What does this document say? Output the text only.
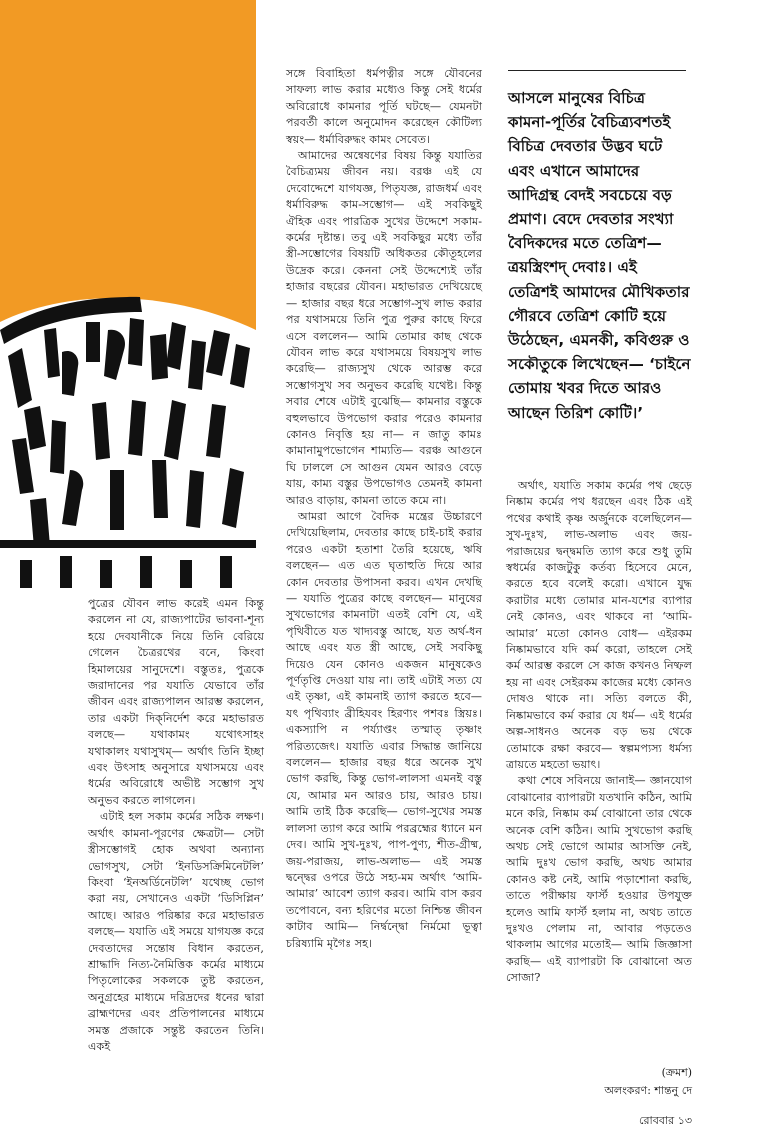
পুত্রের যৌবন লাভ করেই এমন কিন্তু করলেন না যে, রাজ্যপাটের ভাবনা-শূন্য হয়ে দেবযানীকে নিয়ে তিনি বেরিয়ে গেলেন চৈত্ররথের বনে, কিংবা হিমালয়ের সানুদেশে। বস্তুতঃ, পুত্রকে জরাদানের পর যযাতি যেভাবে তাঁর জীবন এবং রাজ্যপালন আরম্ভ করলেন, তার একটা দিক্‌নির্দেশ করে মহাভারত বলছে— যথাকামং যথোৎসাহং যথাকালং যথাসুখম্— অর্থাৎ তিনি ইচ্ছা এবং উৎসাহ অনুসারে যথাসময়ে এবং ধর্মের অবিরোধে অভীষ্ট সম্ভোগ সুখ অনুভব করতে লাগলেন।

এটাই হল সকাম কর্মের সঠিক লক্ষণ। অর্থাৎ কামনা-পূরণের ক্ষেত্রটা— সেটা স্ত্রীসম্ভোগই হোক অথবা অন্যান্য ভোগসুখ, সেটা ‘ইনডিসক্রিমিনেটলি’ কিংবা ‘ইনঅর্ডিনেটলি’ যথেচ্ছ ভোগ করা নয়, সেখানেও একটা ‘ডিসিপ্লিন’ আছে। আরও পরিষ্কার করে মহাভারত বলছে— যযাতি এই সময়ে যাগযজ্ঞ করে দেবতাদের সন্তোষ বিধান করতেন, শ্রাদ্ধাদি নিত্য-নৈমিত্তিক কর্মের মাধ্যমে পিতৃলোকের সকলকে তুষ্ট করতেন, অনুগ্রহের মাধ্যমে দরিদ্রদের ধনের দ্বারা ব্রাহ্মণদের এবং প্রতিপালনের মাধ্যমে সমস্ত প্রজাকে সন্তুষ্ট করতেন তিনি। একই

সঙ্গে বিবাহিতা ধর্মপত্নীর সঙ্গে যৌবনের সাফল্য লাভ করার মধ্যেও কিন্তু সেই ধর্মের অবিরোধে কামনার পূর্তি ঘটছে— যেমনটা পরবর্তী কালে অনুমোদন করেছেন কৌটিল্য স্বয়ং— ধর্মাবিরুদ্ধং কামং সেবেত।

আমাদের অন্বেষণের বিষয় কিন্তু যযাতির বৈচিত্র্যময় জীবন নয়। বরঞ্চ এই যে দেবোদ্দেশে যাগযজ্ঞ, পিতৃযজ্ঞ, রাজধর্ম এবং ধর্মাবিরুদ্ধ কাম-সম্ভোগ— এই সবকিছুই ঐহিক এবং পারত্রিক সুখের উদ্দেশে সকাম-কর্মের দৃষ্টান্ত। তবু এই সবকিছুর মধ্যে তাঁর স্ত্রী-সম্ভোগের বিষয়টি অধিকতর কৌতূহলের উদ্রেক করে। কেননা সেই উদ্দেশ্যেই তাঁর হাজার বছরের যৌবন। মহাভারত দেখিয়েছে— হাজার বছর ধরে সম্ভোগ-সুখ লাভ করার পর যথাসময়ে তিনি পুত্র পুরুর কাছে ফিরে এসে বললেন— আমি তোমার কাছ থেকে যৌবন লাভ করে যথাসময়ে বিষয়সুখ লাভ করেছি— রাজ্যসুখ থেকে আরম্ভ করে সম্ভোগসুখ সব অনুভব করেছি যথেষ্ট। কিন্তু সবার শেষে এটাই বুঝেছি— কামনার বস্তুকে বহুলভাবে উপভোগ করার পরেও কামনার কোনও নিবৃত্তি হয় না— ন জাতু কামঃ কামানামুপভোগেন শাম্যতি— বরঞ্চ আগুনে ঘি ঢাললে সে আগুন যেমন আরও বেড়ে যায়, কাম্য বস্তুর উপভোগও তেমনই কামনা আরও বাড়ায়, কামনা তাতে কমে না।

আমরা আগে বৈদিক মন্ত্রের উচ্চারণে দেখিয়েছিলাম, দেবতার কাছে চাই-চাই করার পরেও একটা হতাশা তৈরি হয়েছে, ঋষি বলছেন— এত এত ঘৃতাহুতি দিয়ে আর কোন দেবতার উপাসনা করব। এখন দেখছি— যযাতি পুত্রের কাছে বলছেন— মানুষের সুখভোগের কামনাটা এতই বেশি যে, এই পৃথিবীতে যত খাদ্যবস্তু আছে, যত অর্থ-ধন আছে এবং যত স্ত্রী আছে, সেই সবকিছু দিয়েও যেন কোনও একজন মানুষকেও পূর্ণতৃপ্তি দেওয়া যায় না। তাই এটাই সত্য যে এই তৃষ্ণা, এই কামনাই ত্যাগ করতে হবে— যৎ পৃথিব্যাং ব্রীহিযবং হিরণ্যং পশবঃ স্ত্রিয়ঃ। একস্যাপি ন পর্য্যাপ্তং তস্মাত্‌ তৃষ্ণাং পরিত্যজেৎ। যযাতি এবার সিদ্ধান্ত জানিয়ে বললেন— হাজার বছর ধরে অনেক সুখ ভোগ করছি, কিন্তু ভোগ-লালসা এমনই বস্তু যে, আমার মন আরও চায়, আরও চায়। আমি তাই ঠিক করেছি— ভোগ-সুখের সমস্ত লালসা ত্যাগ করে আমি পরব্রহ্মের ধ্যানে মন দেব। আমি সুখ-দুঃখ, পাপ-পুণ্য, শীত-গ্রীষ্ম, জয়-পরাজয়, লাভ-অলাভ— এই সমস্ত দ্বন্দ্বের ওপরে উঠে সহ্য-মম অর্থাৎ ‘আমি-আমার’ আবেশ ত্যাগ করব। আমি বাস করব তপোবনে, বন্য হরিণের মতো নিশ্চিন্ত জীবন কাটাব আমি— নির্দ্বন্দ্বো নির্মমো ভূত্বা চরিষ্যামি মৃগৈঃ সহ।

আসলে মানুষের বিচিত্র কামনা-পূর্তির বৈচিত্র্যবশতই বিচিত্র দেবতার উদ্ভব ঘটে এবং এখানে আমাদের আদিগ্রন্থ বেদই সবচেয়ে বড় প্রমাণ। বেদে দেবতার সংখ্যা বৈদিকদের মতে তেত্রিশ— ত্রয়স্ত্রিংশদ্‌ দেবাঃ। এই তেত্রিশই আমাদের মৌখিকতার গৌরবে তেত্রিশ কোটি হয়ে উঠেছেন, এমনকী, কবিগুরু ও সকৌতুকে লিখেছেন— ‘চাইনে তোমায় খবর দিতে আরও আছেন তিরিশ কোটি।’

অর্থাৎ, যযাতি সকাম কর্মের পথ ছেড়ে নিষ্কাম কর্মের পথ ধরছেন এবং ঠিক এই পথের কথাই কৃষ্ণ অর্জুনকে বলেছিলেন— সুখ-দুঃখ, লাভ-অলাভ এবং জয়-পরাজয়ের দ্বন্দ্বমতি ত্যাগ করে শুধু তুমি স্বধর্মের কাজটুকু কর্তব্য হিসেবে মেনে, করতে হবে বলেই করো। এখানে যুদ্ধ করাটার মধ্যে তোমার মান-যশের ব্যাপার নেই কোনও, এবং থাকবে না ‘আমি-আমার’ মতো কোনও বোধ— এইরকম নিষ্কামভাবে যদি কর্ম করো, তাহলে সেই কর্ম আরম্ভ করলে সে কাজ কখনও নিষ্ফল হয় না এবং সেইরকম কাজের মধ্যে কোনও দোষও থাকে না। সত্যি বলতে কী, নিষ্কামভাবে কর্ম করার যে ধর্ম— এই ধর্মের অল্প-সাধনও অনেক বড় ভয় থেকে তোমাকে রক্ষা করবে— স্বল্পমপ্যস্য ধর্মস্য ত্রায়তে মহতো ভয়াৎ।

কথা শেষে সবিনয়ে জানাই— জ্ঞানযোগ বোঝানোর ব্যাপারটা যতখানি কঠিন, আমি মনে করি, নিষ্কাম কর্ম বোঝানো তার থেকে অনেক বেশি কঠিন। আমি সুখভোগ করছি অথচ সেই ভোগে আমার আসক্তি নেই, আমি দুঃখ ভোগ করছি, অথচ আমার কোনও কষ্ট নেই, আমি পড়াশোনা করছি, তাতে পরীক্ষায় ফার্স্ট হওয়ার উপযুক্ত হলেও আমি ফার্স্ট হলাম না, অথচ তাতে দুঃখও পেলাম না, আবার পড়তেও থাকলাম আগের মতোই— আমি জিজ্ঞাসা করছি— এই ব্যাপারটা কি বোঝানো অত সোজা?

(ক্রমশ)
অলংকরণ: শান্তনু দে
রোববার ১৩
